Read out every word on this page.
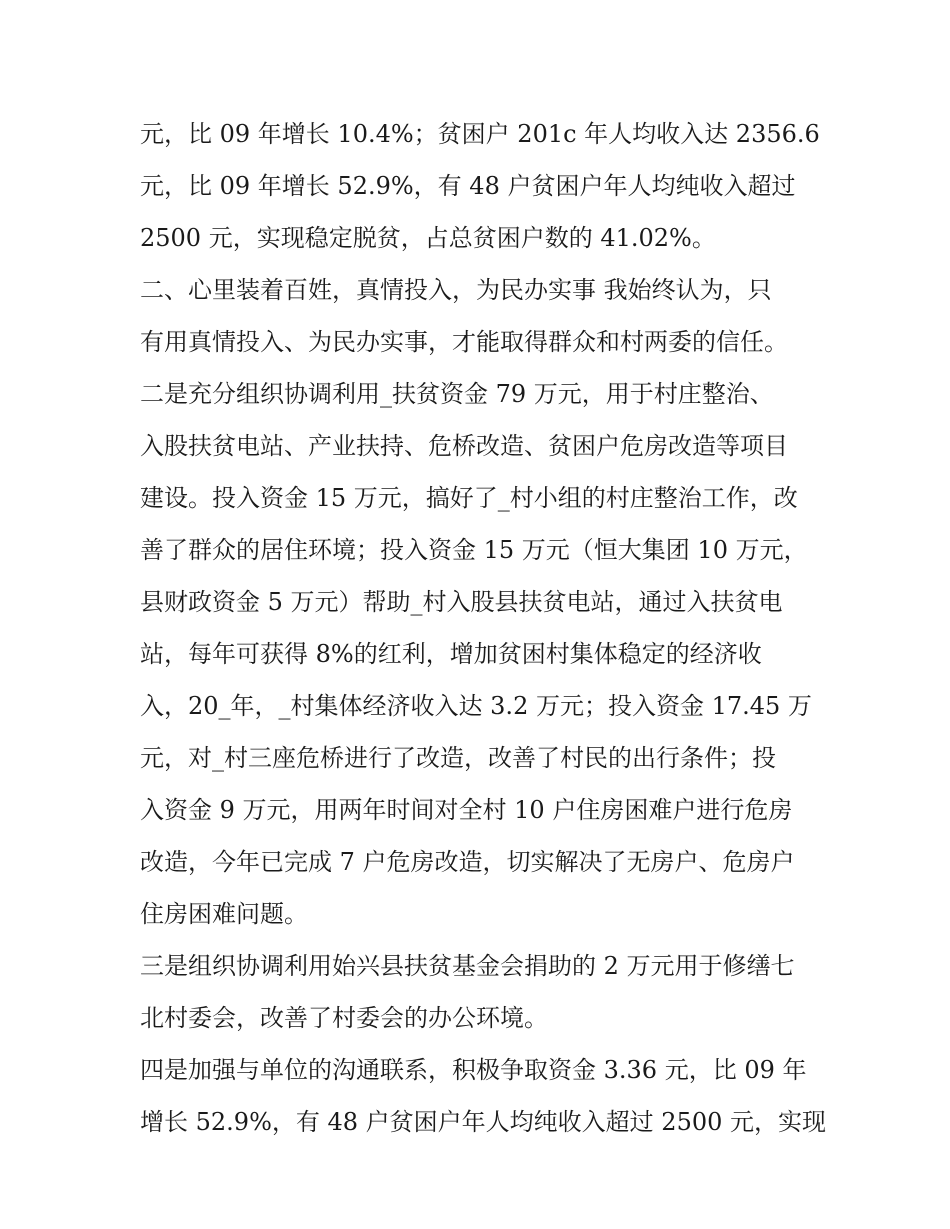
元，比 09 年增长 10.4%；贫困户 201c 年人均收入达 2356.6
元，比 09 年增长 52.9%，有 48 户贫困户年人均纯收入超过
2500 元，实现稳定脱贫，占总贫困户数的 41.02%。
二、心里装着百姓，真情投入，为民办实事 我始终认为，只
有用真情投入、为民办实事，才能取得群众和村两委的信任。
二是充分组织协调利用_扶贫资金 79 万元，用于村庄整治、
入股扶贫电站、产业扶持、危桥改造、贫困户危房改造等项目
建设。投入资金 15 万元，搞好了_村小组的村庄整治工作，改
善了群众的居住环境；投入资金 15 万元（恒大集团 10 万元，
县财政资金 5 万元）帮助_村入股县扶贫电站，通过入扶贫电
站，每年可获得 8%的红利，增加贫困村集体稳定的经济收
入，20_年，_村集体经济收入达 3.2 万元；投入资金 17.45 万
元，对_村三座危桥进行了改造，改善了村民的出行条件；投
入资金 9 万元，用两年时间对全村 10 户住房困难户进行危房
改造，今年已完成 7 户危房改造，切实解决了无房户、危房户
住房困难问题。
三是组织协调利用始兴县扶贫基金会捐助的 2 万元用于修缮七
北村委会，改善了村委会的办公环境。
四是加强与单位的沟通联系，积极争取资金 3.36 元，比 09 年
增长 52.9%，有 48 户贫困户年人均纯收入超过 2500 元，实现
